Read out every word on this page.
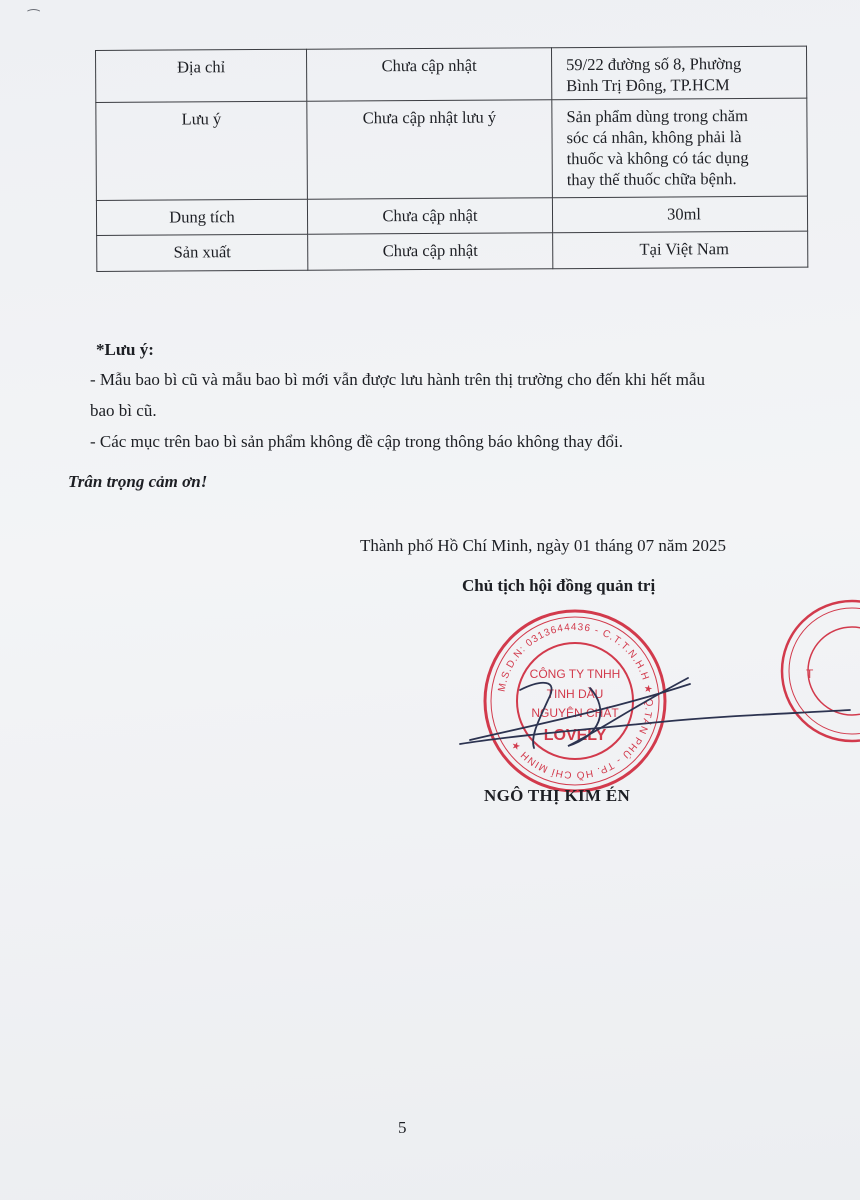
⁀
Địa chỉ	Chưa cập nhật	59/22 đường số 8, Phường
Bình Trị Đông, TP.HCM

Lưu ý	Chưa cập nhật lưu ý	Sản phẩm dùng trong chăm
sóc cá nhân, không phải là
thuốc và không có tác dụng
thay thế thuốc chữa bệnh.

Dung tích	Chưa cập nhật	30ml

Sản xuất	Chưa cập nhật	Tại Việt Nam
*Lưu ý:
- Mẫu bao bì cũ và mẫu bao bì mới vẫn được lưu hành trên thị trường cho đến khi hết mẫu
bao bì cũ.
- Các mục trên bao bì sản phẩm không đề cập trong thông báo không thay đổi.
Trân trọng cảm ơn!
Thành phố Hồ Chí Minh, ngày 01 tháng 07 năm 2025
Chủ tịch hội đồng quản trị
M.S.D.N: 0313644436 - C.T.T.N.H.H ★ Q.TÂN PHÚ - TP. HỒ CHÍ MINH ★
CÔNG TY TNHH
TINH DẦU
NGUYÊN CHẤT
LOVELY
T
NGÔ THỊ KIM ÉN
5
